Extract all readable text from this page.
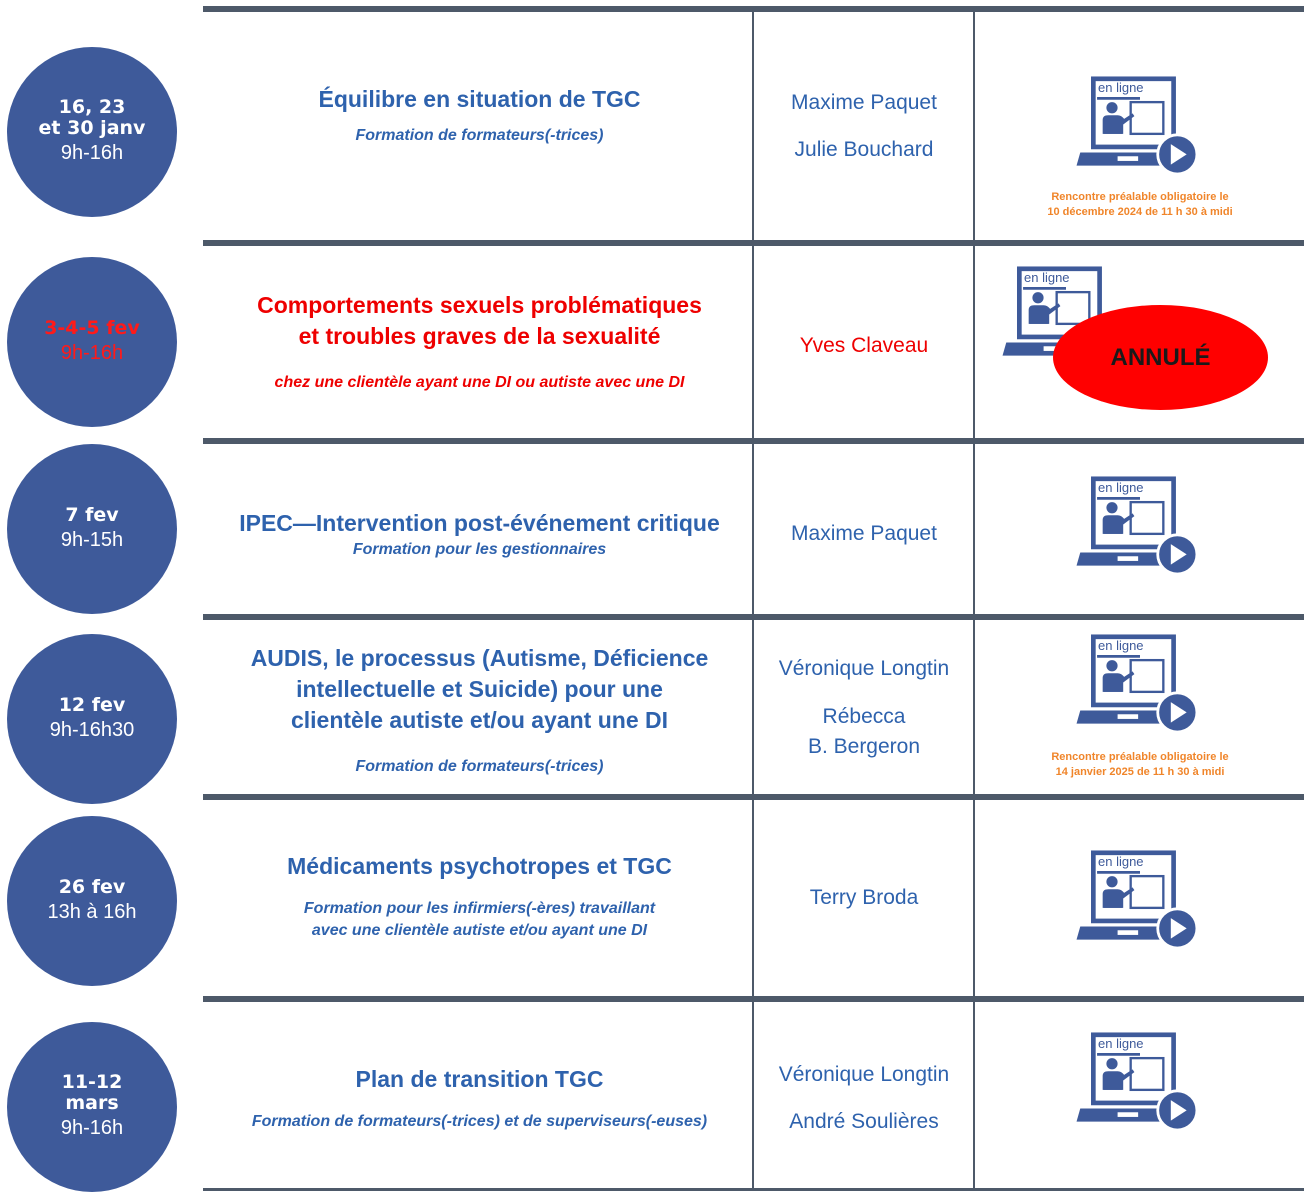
16, 23
et 30 janv
9h-16h
Équilibre en situation de TGC
Formation de formateurs(-trices)
Maxime Paquet
Julie Bouchard
en ligne
Rencontre préalable obligatoire le
10 décembre 2024 de 11 h 30 à midi
3-4-5 fev
9h-16h
Comportements sexuels problématiques
et troubles graves de la sexualité
chez une clientèle ayant une DI ou autiste avec une DI
Yves Claveau
en ligne
ANNULÉ
7 fev
9h-15h
IPEC—Intervention post-événement critique
Formation pour les gestionnaires
Maxime Paquet
en ligne
12 fev
9h-16h30
AUDIS, le processus (Autisme, Déficience
intellectuelle et Suicide) pour une
clientèle autiste et/ou ayant une DI
Formation de formateurs(-trices)
Véronique Longtin
Rébecca
B. Bergeron
en ligne
Rencontre préalable obligatoire le
14 janvier 2025 de 11 h 30 à midi
26 fev
13h à 16h
Médicaments psychotropes et TGC
Formation pour les infirmiers(-ères) travaillant
avec une clientèle autiste et/ou ayant une DI
Terry Broda
en ligne
11-12
mars
9h-16h
Plan de transition TGC
Formation de formateurs(-trices) et de superviseurs(-euses)
Véronique Longtin
André Soulières
en ligne
